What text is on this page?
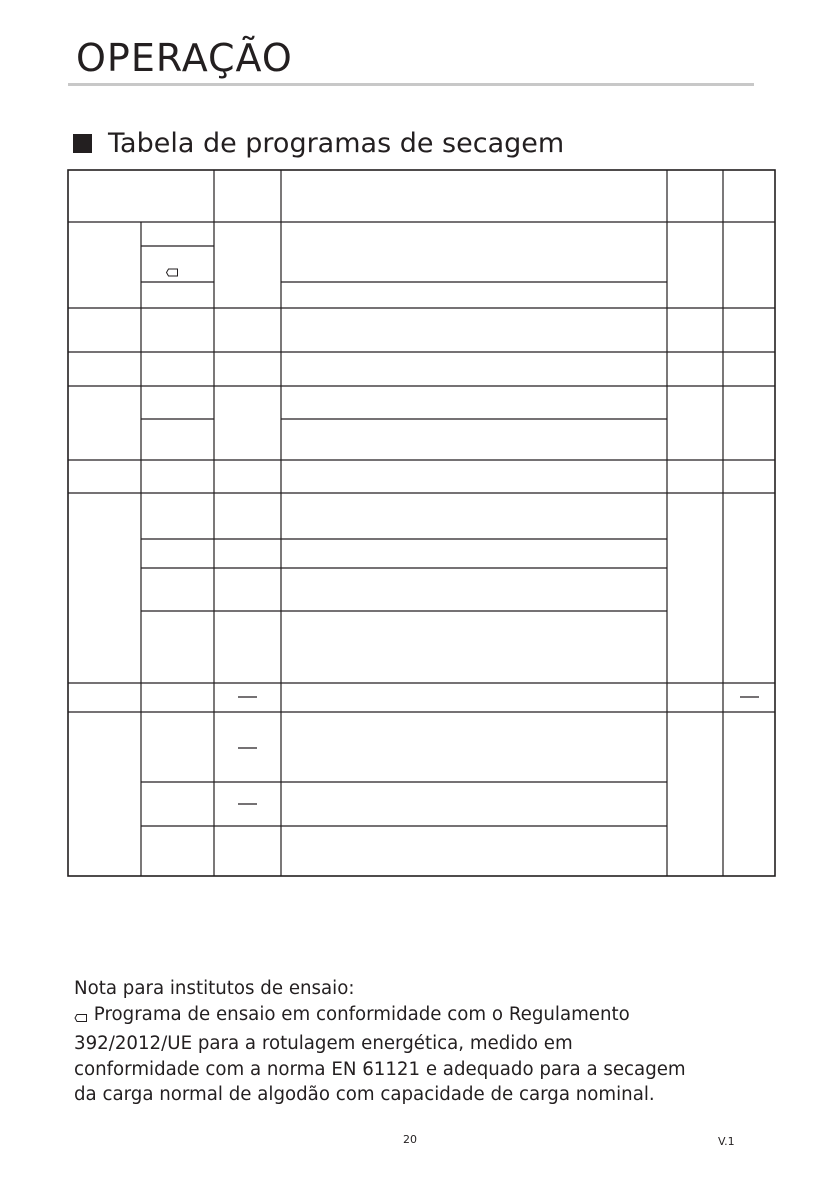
OPERAÇÃO
Tabela de programas de secagem
Nota para institutos de ensaio:
Programa de ensaio em conformidade com o Regulamento
392/2012/UE para a rotulagem energética, medido em
conformidade com a norma EN 61121 e adequado para a secagem
da carga normal de algodão com capacidade de carga nominal.
20	V.1
